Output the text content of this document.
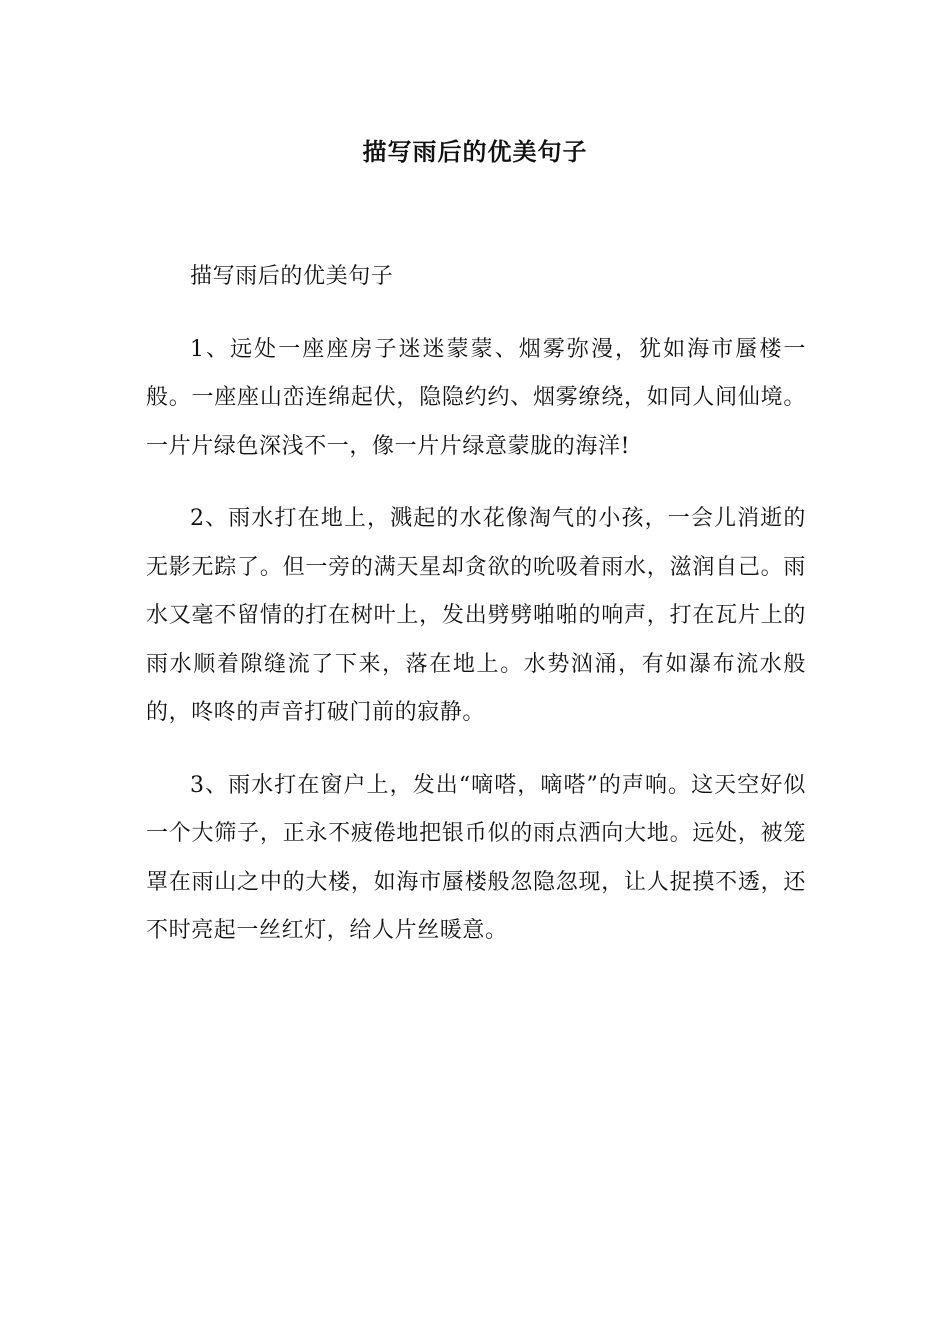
描写雨后的优美句子

描写雨后的优美句子

1、远处一座座房子迷迷蒙蒙、烟雾弥漫，犹如海市蜃楼一般。一座座山峦连绵起伏，隐隐约约、烟雾缭绕，如同人间仙境。一片片绿色深浅不一，像一片片绿意蒙胧的海洋!

2、雨水打在地上，溅起的水花像淘气的小孩，一会儿消逝的无影无踪了。但一旁的满天星却贪欲的吮吸着雨水，滋润自己。雨水又毫不留情的打在树叶上，发出劈劈啪啪的响声，打在瓦片上的雨水顺着隙缝流了下来，落在地上。水势汹涌，有如瀑布流水般的，咚咚的声音打破门前的寂静。

3、雨水打在窗户上，发出“嘀嗒，嘀嗒”的声响。这天空好似一个大筛子，正永不疲倦地把银币似的雨点洒向大地。远处，被笼罩在雨山之中的大楼，如海市蜃楼般忽隐忽现，让人捉摸不透，还不时亮起一丝红灯，给人片丝暖意。
